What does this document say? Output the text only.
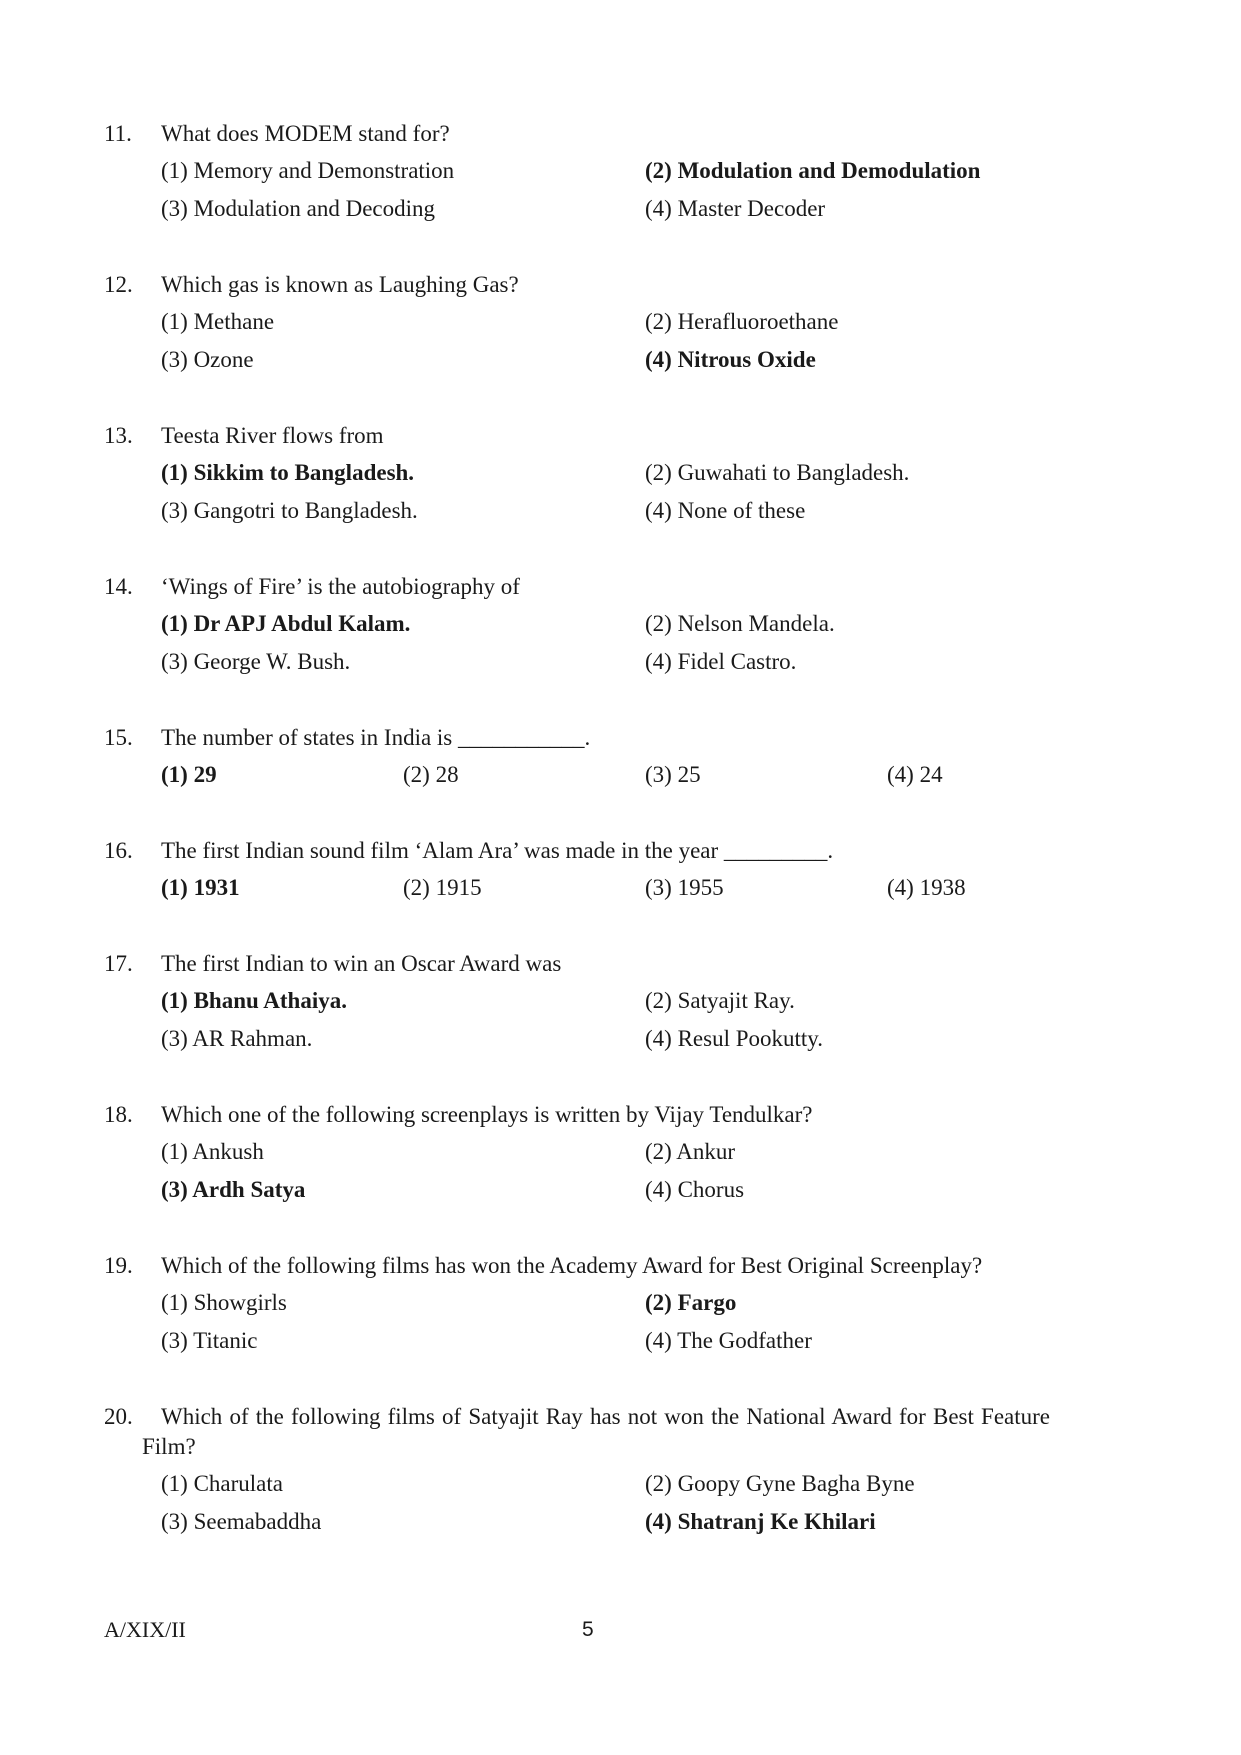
11. What does MODEM stand for?
(1) Memory and Demonstration	(2) Modulation and Demodulation
(3) Modulation and Decoding	(4) Master Decoder
12. Which gas is known as Laughing Gas?
(1) Methane	(2) Herafluoroethane
(3) Ozone	(4) Nitrous Oxide
13. Teesta River flows from
(1) Sikkim to Bangladesh.	(2) Guwahati to Bangladesh.
(3) Gangotri to Bangladesh.	(4) None of these
14. ‘Wings of Fire’ is the autobiography of
(1) Dr APJ Abdul Kalam.	(2) Nelson Mandela.
(3) George W. Bush.	(4) Fidel Castro.
15. The number of states in India is ___________.
(1) 29	(2) 28	(3) 25	(4) 24
16. The first Indian sound film ‘Alam Ara’ was made in the year _________.
(1) 1931	(2) 1915	(3) 1955	(4) 1938
17. The first Indian to win an Oscar Award was
(1) Bhanu Athaiya.	(2) Satyajit Ray.
(3) AR Rahman.	(4) Resul Pookutty.
18. Which one of the following screenplays is written by Vijay Tendulkar?
(1) Ankush	(2) Ankur
(3) Ardh Satya	(4) Chorus
19. Which of the following films has won the Academy Award for Best Original Screenplay?
(1) Showgirls	(2) Fargo
(3) Titanic	(4) The Godfather
20. Which of the following films of Satyajit Ray has not won the National Award for Best Feature
Film?
(1) Charulata	(2) Goopy Gyne Bagha Byne
(3) Seemabaddha	(4) Shatranj Ke Khilari
A/XIX/II	5
